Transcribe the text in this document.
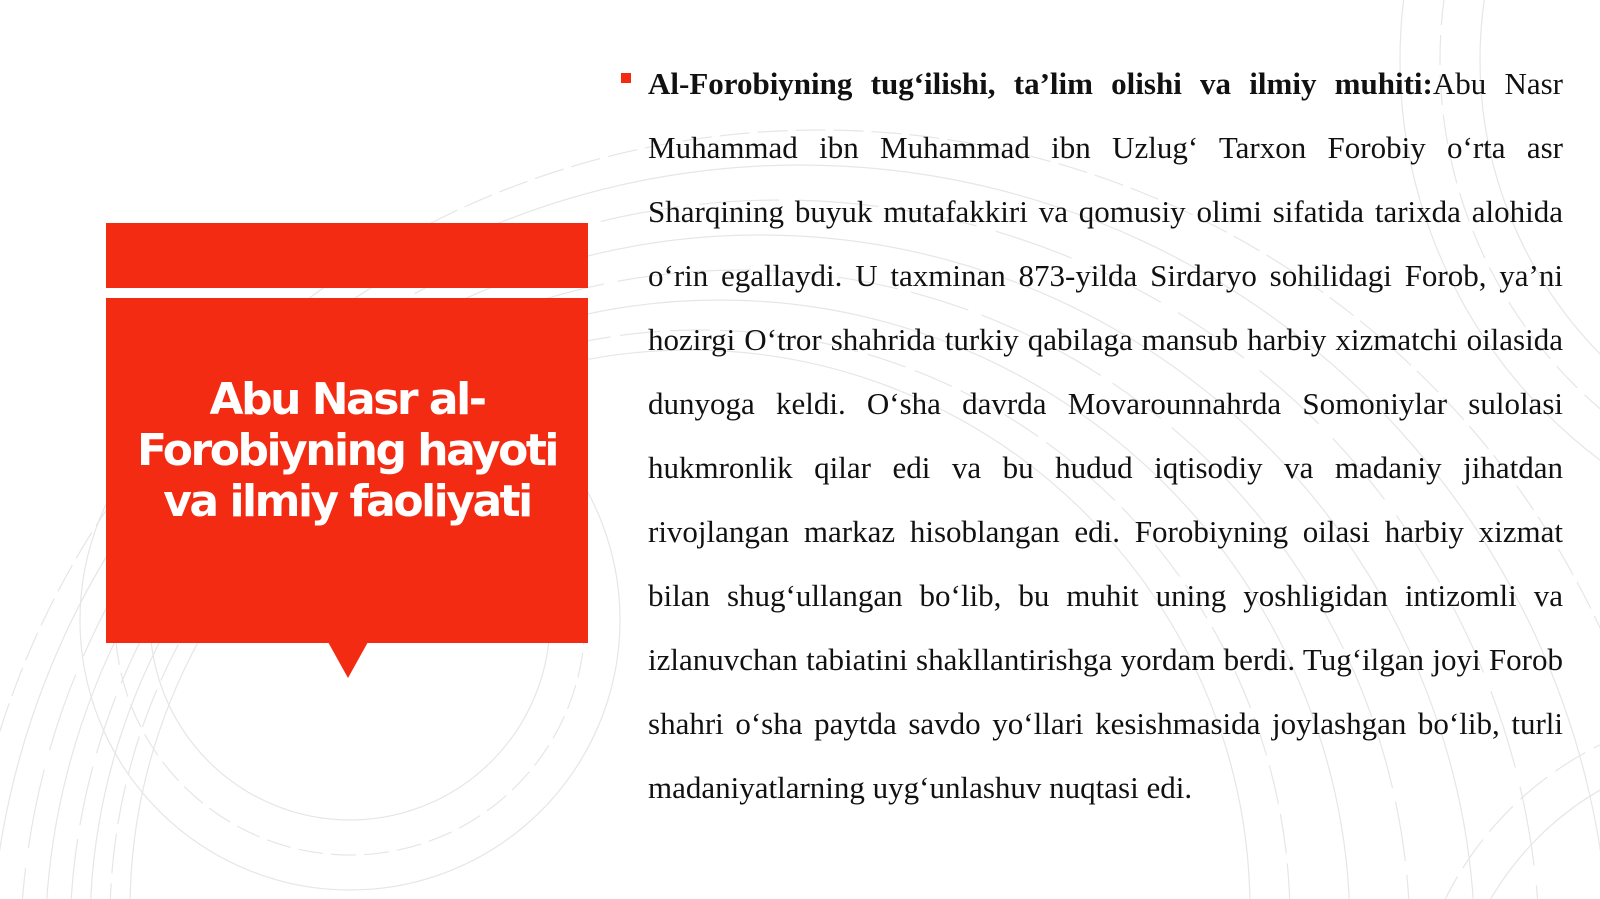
Abu Nasr al-Forobiyning hayoti va ilmiy faoliyati

Al-Forobiyning tug‘ilishi, ta’lim olishi va ilmiy muhiti:Abu Nasr Muhammad ibn Muhammad ibn Uzlug‘ Tarxon Forobiy o‘rta asr Sharqining buyuk mutafakkiri va qomusiy olimi sifatida tarixda alohida o‘rin egallaydi. U taxminan 873-yilda Sirdaryo sohilidagi Forob, ya’ni hozirgi O‘tror shahrida turkiy qabilaga mansub harbiy xizmatchi oilasida dunyoga keldi. O‘sha davrda Movarounnahrda Somoniylar sulolasi hukmronlik qilar edi va bu hudud iqtisodiy va madaniy jihatdan rivojlangan markaz hisoblangan edi. Forobiyning oilasi harbiy xizmat bilan shug‘ullangan bo‘lib, bu muhit uning yoshligidan intizomli va izlanuvchan tabiatini shakllantirishga yordam berdi. Tug‘ilgan joyi Forob shahri o‘sha paytda savdo yo‘llari kesishmasida joylashgan bo‘lib, turli madaniyatlarning uyg‘unlashuv nuqtasi edi.
